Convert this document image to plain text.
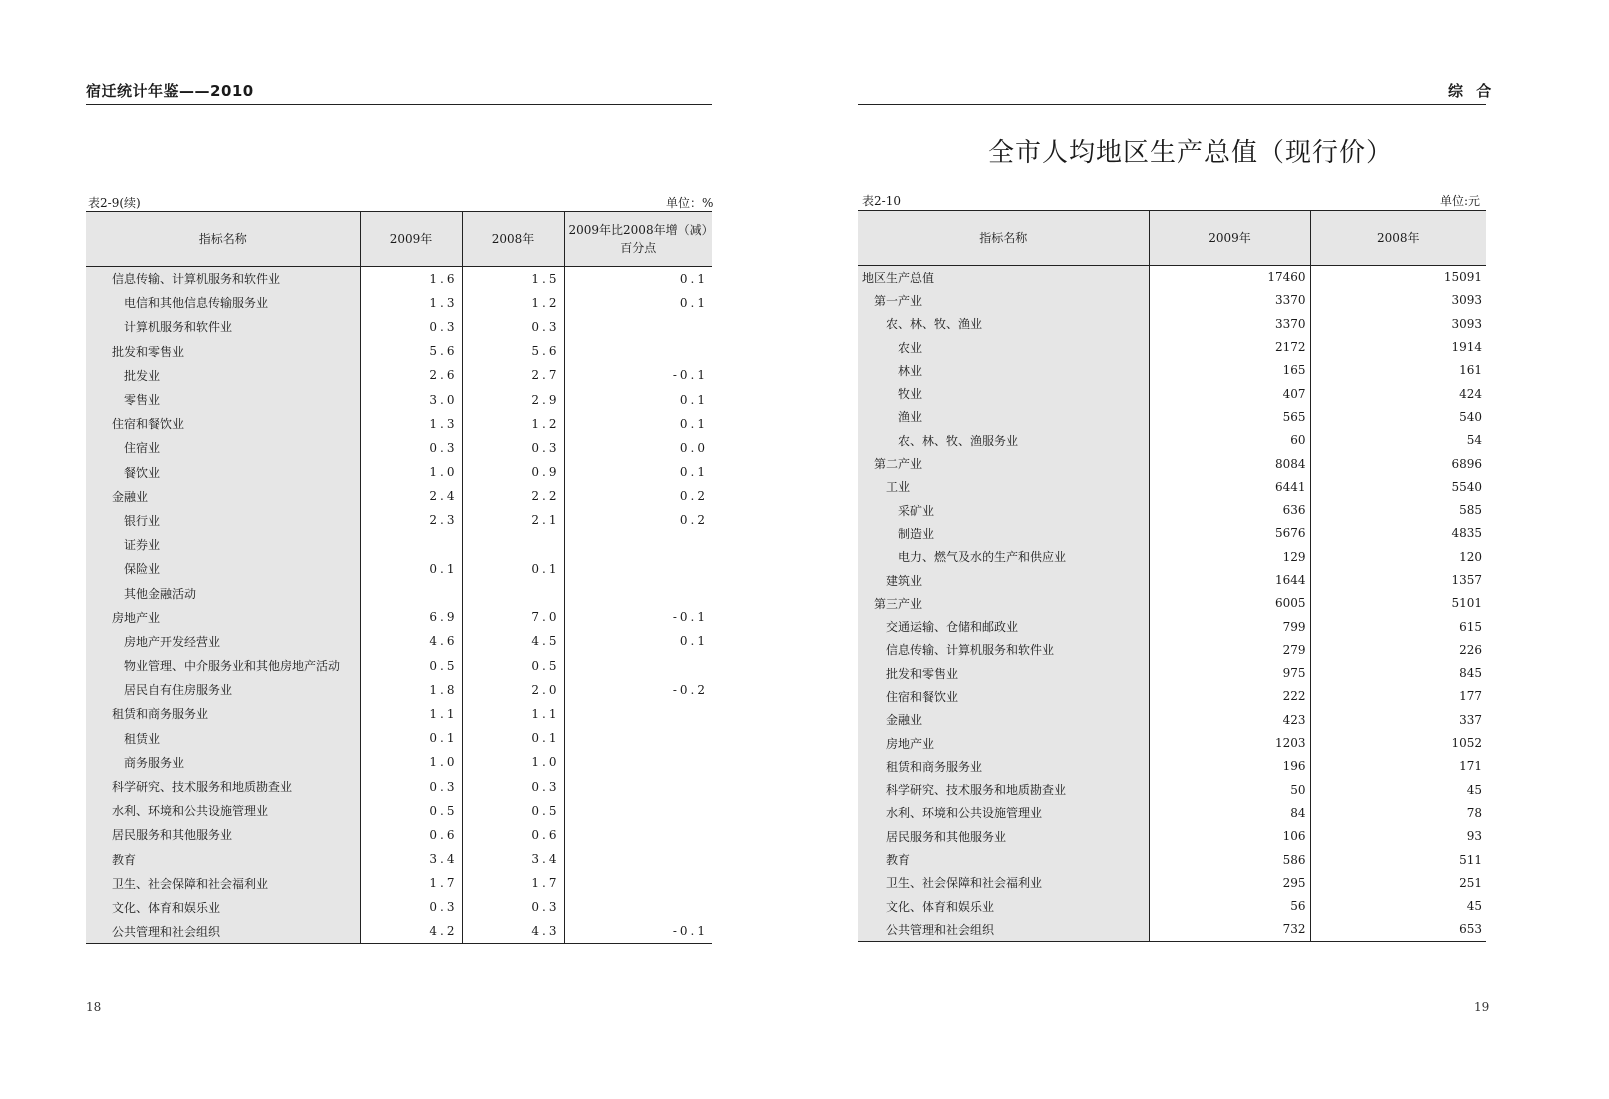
宿迁统计年鉴——2010
表2-9(续)	单位：%
指标名称	2009年	2008年	2009年比2008年增（减）
百分点

信息传输、计算机服务和软件业	1.6	1.5	0.1
电信和其他信息传输服务业	1.3	1.2	0.1
计算机服务和软件业	0.3	0.3	
批发和零售业	5.6	5.6	
批发业	2.6	2.7	-0.1
零售业	3.0	2.9	0.1
住宿和餐饮业	1.3	1.2	0.1
住宿业	0.3	0.3	0.0
餐饮业	1.0	0.9	0.1
金融业	2.4	2.2	0.2
银行业	2.3	2.1	0.2
证券业			
保险业	0.1	0.1	
其他金融活动			
房地产业	6.9	7.0	-0.1
房地产开发经营业	4.6	4.5	0.1
物业管理、中介服务业和其他房地产活动	0.5	0.5	
居民自有住房服务业	1.8	2.0	-0.2
租赁和商务服务业	1.1	1.1	
租赁业	0.1	0.1	
商务服务业	1.0	1.0	
科学研究、技术服务和地质勘查业	0.3	0.3	
水利、环境和公共设施管理业	0.5	0.5	
居民服务和其他服务业	0.6	0.6	
教育	3.4	3.4	
卫生、社会保障和社会福利业	1.7	1.7	
文化、体育和娱乐业	0.3	0.3	
公共管理和社会组织	4.2	4.3	-0.1
18
综 合
全市人均地区生产总值（现行价）
表2-10	单位:元
指标名称	2009年	2008年
地区生产总值	17460	15091
第一产业	3370	3093
农、林、牧、渔业	3370	3093
农业	2172	1914
林业	165	161
牧业	407	424
渔业	565	540
农、林、牧、渔服务业	60	54
第二产业	8084	6896
工业	6441	5540
采矿业	636	585
制造业	5676	4835
电力、燃气及水的生产和供应业	129	120
建筑业	1644	1357
第三产业	6005	5101
交通运输、仓储和邮政业	799	615
信息传输、计算机服务和软件业	279	226
批发和零售业	975	845
住宿和餐饮业	222	177
金融业	423	337
房地产业	1203	1052
租赁和商务服务业	196	171
科学研究、技术服务和地质勘查业	50	45
水利、环境和公共设施管理业	84	78
居民服务和其他服务业	106	93
教育	586	511
卫生、社会保障和社会福利业	295	251
文化、体育和娱乐业	56	45
公共管理和社会组织	732	653
19
